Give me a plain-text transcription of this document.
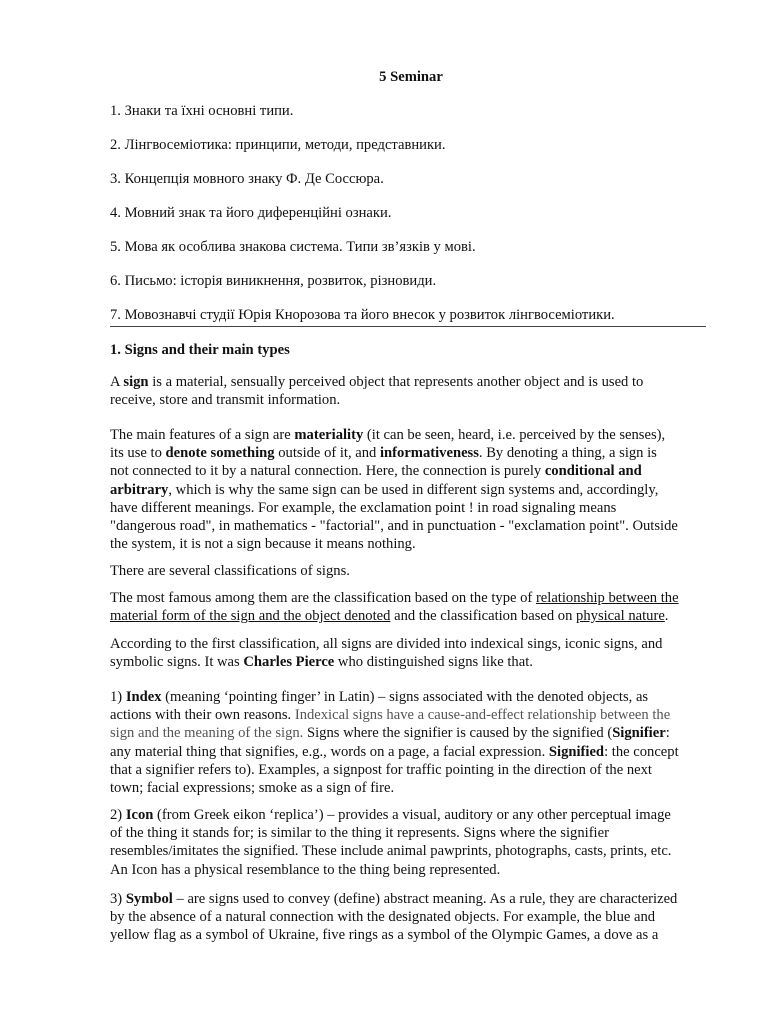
5 Seminar
1. Знаки та їхні основні типи.
2. Лінгвосеміотика: принципи, методи, представники.
3. Концепція мовного знаку Ф. Де Соссюра.
4. Мовний знак та його диференційні ознаки.
5. Мова як особлива знакова система. Типи зв’язків у мові.
6. Письмо: історія виникнення, розвиток, різновиди.
7. Мовознавчі студії Юрія Кнорозова та його внесок у розвиток лінгвосеміотики.
1. Signs and their main types
A sign is a material, sensually perceived object that represents another object and is used to
receive, store and transmit information.
The main features of a sign are materiality (it can be seen, heard, i.e. perceived by the senses),
its use to denote something outside of it, and informativeness. By denoting a thing, a sign is
not connected to it by a natural connection. Here, the connection is purely conditional and
arbitrary, which is why the same sign can be used in different sign systems and, accordingly,
have different meanings. For example, the exclamation point ! in road signaling means
"dangerous road", in mathematics - "factorial", and in punctuation - "exclamation point". Outside
the system, it is not a sign because it means nothing.
There are several classifications of signs.
The most famous among them are the classification based on the type of relationship between the
material form of the sign and the object denoted and the classification based on physical nature.
According to the first classification, all signs are divided into indexical sings, iconic signs, and
symbolic signs. It was Charles Pierce who distinguished signs like that.
1) Index (meaning ‘pointing finger’ in Latin) – signs associated with the denoted objects, as
actions with their own reasons. Indexical signs have a cause-and-effect relationship between the
sign and the meaning of the sign. Signs where the signifier is caused by the signified (Signifier:
any material thing that signifies, e.g., words on a page, a facial expression. Signified: the concept
that a signifier refers to). Examples, a signpost for traffic pointing in the direction of the next
town; facial expressions; smoke as a sign of fire.
2) Icon (from Greek eikon ‘replica’) – provides a visual, auditory or any other perceptual image
of the thing it stands for; is similar to the thing it represents. Signs where the signifier
resembles/imitates the signified. These include animal pawprints, photographs, casts, prints, etc.
An Icon has a physical resemblance to the thing being represented.
3) Symbol – are signs used to convey (define) abstract meaning. As a rule, they are characterized
by the absence of a natural connection with the designated objects. For example, the blue and
yellow flag as a symbol of Ukraine, five rings as a symbol of the Olympic Games, a dove as a
